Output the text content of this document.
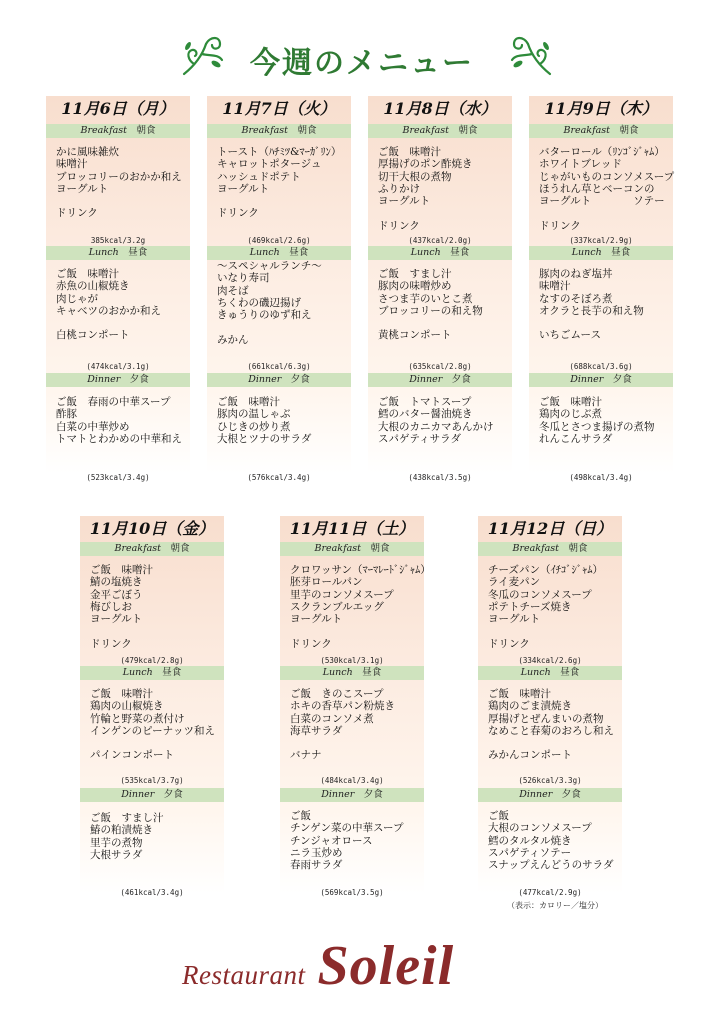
今週のメニュー
11月6日（月）
Breakfast　 朝食
かに風味雑炊
味噌汁
ブロッコリーのおかか和え
ヨーグルト

ドリンク
385kcal/3.2g
Lunch　 昼食
ご飯　味噌汁
赤魚の山椒焼き
肉じゃが
キャベツのおかか和え

白桃コンポート
(474kcal/3.1g)
Dinner　 夕食
ご飯　春雨の中華スープ
酢豚
白菜の中華炒め
トマトとわかめの中華和え
(523kcal/3.4g)
11月7日（火）
Breakfast　 朝食
トースト（ﾊﾁﾐﾂ&ﾏｰｶﾞﾘﾝ）
キャロットポタージュ
ハッシュドポテト
ヨーグルト

ドリンク
(469kcal/2.6g)
Lunch　 昼食
～スペシャルランチ～
いなり寿司
肉そば
ちくわの磯辺揚げ
きゅうりのゆず和え

みかん
(661kcal/6.3g)
Dinner　 夕食
ご飯　味噌汁
豚肉の温しゃぶ
ひじきの炒り煮
大根とツナのサラダ
(576kcal/3.4g)
11月8日（水）
Breakfast　 朝食
ご飯　味噌汁
厚揚げのポン酢焼き
切干大根の煮物
ふりかけ
ヨーグルト

ドリンク
(437kcal/2.0g)
Lunch　 昼食
ご飯　すまし汁
豚肉の味噌炒め
さつま芋のいとこ煮
ブロッコリーの和え物

黄桃コンポート
(635kcal/2.8g)
Dinner　 夕食
ご飯　トマトスープ
鱈のバター醤油焼き
大根のカニカマあんかけ
スパゲティサラダ
(438kcal/3.5g)
11月9日（木）
Breakfast　 朝食
バターロール（ﾘﾝｺﾞｼﾞｬﾑ）
ホワイトブレッド
じゃがいものコンソメスープ
ほうれん草とベーコンの
ヨーグルト　　　　ソテー

ドリンク
(337kcal/2.9g)
Lunch　 昼食
豚肉のねぎ塩丼
味噌汁
なすのそぼろ煮
オクラと長芋の和え物

いちごムース
(688kcal/3.6g)
Dinner　 夕食
ご飯　味噌汁
鶏肉のじぶ煮
冬瓜とさつま揚げの煮物
れんこんサラダ
(498kcal/3.4g)
11月10日（金）
Breakfast　 朝食
ご飯　味噌汁
鯖の塩焼き
金平ごぼう
梅びしお
ヨーグルト

ドリンク
(479kcal/2.8g)
Lunch　 昼食
ご飯　味噌汁
鶏肉の山椒焼き
竹輪と野菜の煮付け
インゲンのピーナッツ和え

パインコンポート
(535kcal/3.7g)
Dinner　 夕食
ご飯　すまし汁
鰆の粕漬焼き
里芋の煮物
大根サラダ
(461kcal/3.4g)
11月11日（土）
Breakfast　 朝食
クロワッサン（ﾏｰﾏﾚｰﾄﾞｼﾞｬﾑ）
胚芽ロールパン
里芋のコンソメスープ
スクランブルエッグ
ヨーグルト

ドリンク
(530kcal/3.1g)
Lunch　 昼食
ご飯　きのこスープ
ホキの香草パン粉焼き
白菜のコンソメ煮
海草サラダ

バナナ
(484kcal/3.4g)
Dinner　 夕食
ご飯
チンゲン菜の中華スープ
チンジャオロース
ニラ玉炒め
春雨サラダ
(569kcal/3.5g)
11月12日（日）
Breakfast　 朝食
チーズパン（ｲﾁｺﾞｼﾞｬﾑ）
ライ麦パン
冬瓜のコンソメスープ
ポテトチーズ焼き
ヨーグルト

ドリンク
(334kcal/2.6g)
Lunch　 昼食
ご飯　味噌汁
鶏肉のごま漬焼き
厚揚げとぜんまいの煮物
なめこと春菊のおろし和え

みかんコンポート
(526kcal/3.3g)
Dinner　 夕食
ご飯
大根のコンソメスープ
鱈のタルタル焼き
スパゲティソテー
スナップえんどうのサラダ
(477kcal/2.9g)
（表示：カロリー／塩分）
Restaurant Soleil
